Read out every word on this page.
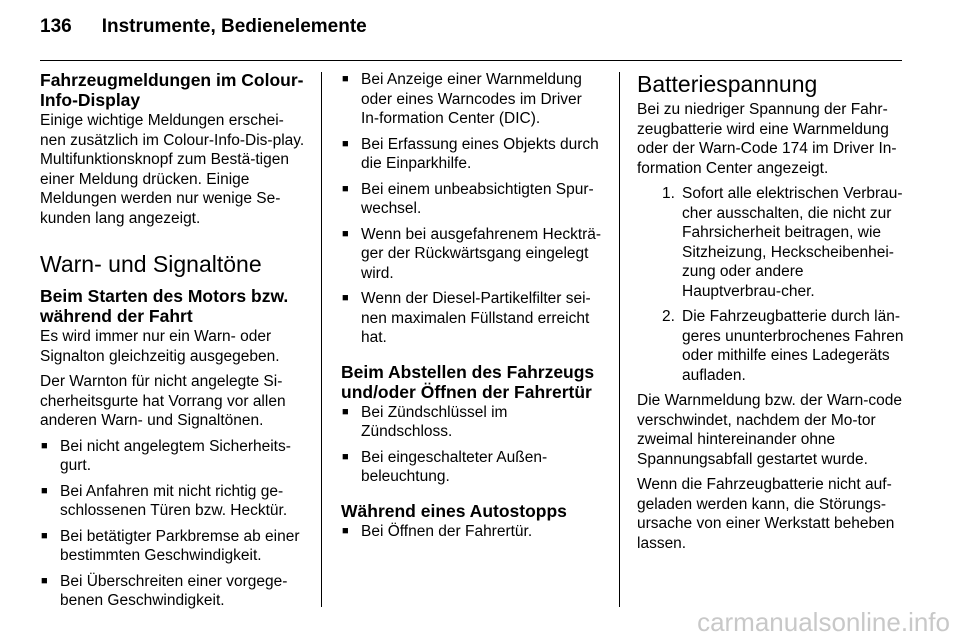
136 Instrumente, Bedienelemente
Fahrzeugmeldungen im Colour-Info-Display

Einige wichtige Meldungen erschei-nen zusätzlich im Colour-Info-Dis-play. Multifunktionsknopf zum Bestä-tigen einer Meldung drücken. Einige Meldungen werden nur wenige Se-kunden lang angezeigt.

Warn- und Signaltöne
Beim Starten des Motors bzw. während der Fahrt

Es wird immer nur ein Warn- oder Signalton gleichzeitig ausgegeben.

Der Warnton für nicht angelegte Si-cherheitsgurte hat Vorrang vor allen anderen Warn- und Signaltönen.

■ Bei nicht angelegtem Sicherheits-gurt.
■ Bei Anfahren mit nicht richtig ge-schlossenen Türen bzw. Hecktür.
■ Bei betätigter Parkbremse ab einer bestimmten Geschwindigkeit.
■ Bei Überschreiten einer vorgege-benen Geschwindigkeit.
■ Bei Anzeige einer Warnmeldung oder eines Warncodes im Driver In-formation Center (DIC).
■ Bei Erfassung eines Objekts durch die Einparkhilfe.
■ Bei einem unbeabsichtigten Spur-wechsel.
■ Wenn bei ausgefahrenem Heckträ-ger der Rückwärtsgang eingelegt wird.
■ Wenn der Diesel-Partikelfilter sei-nen maximalen Füllstand erreicht hat.
Beim Abstellen des Fahrzeugs und/oder Öffnen der Fahrertür
■ Bei Zündschlüssel im Zündschloss.
■ Bei eingeschalteter Außen-beleuchtung.
Während eines Autostopps
■ Bei Öffnen der Fahrertür.
Batteriespannung

Bei zu niedriger Spannung der Fahr-zeugbatterie wird eine Warnmeldung oder der Warn-Code 174 im Driver In-formation Center angezeigt.

1. Sofort alle elektrischen Verbrau-cher ausschalten, die nicht zur Fahrsicherheit beitragen, wie Sitzheizung, Heckscheibenhei-zung oder andere Hauptverbrau-cher.
2. Die Fahrzeugbatterie durch län-geres ununterbrochenes Fahren oder mithilfe eines Ladegeräts aufladen.

Die Warnmeldung bzw. der Warn-code verschwindet, nachdem der Mo-tor zweimal hintereinander ohne Spannungsabfall gestartet wurde.

Wenn die Fahrzeugbatterie nicht auf-geladen werden kann, die Störungs-ursache von einer Werkstatt beheben lassen.

carmanualsonline.info
